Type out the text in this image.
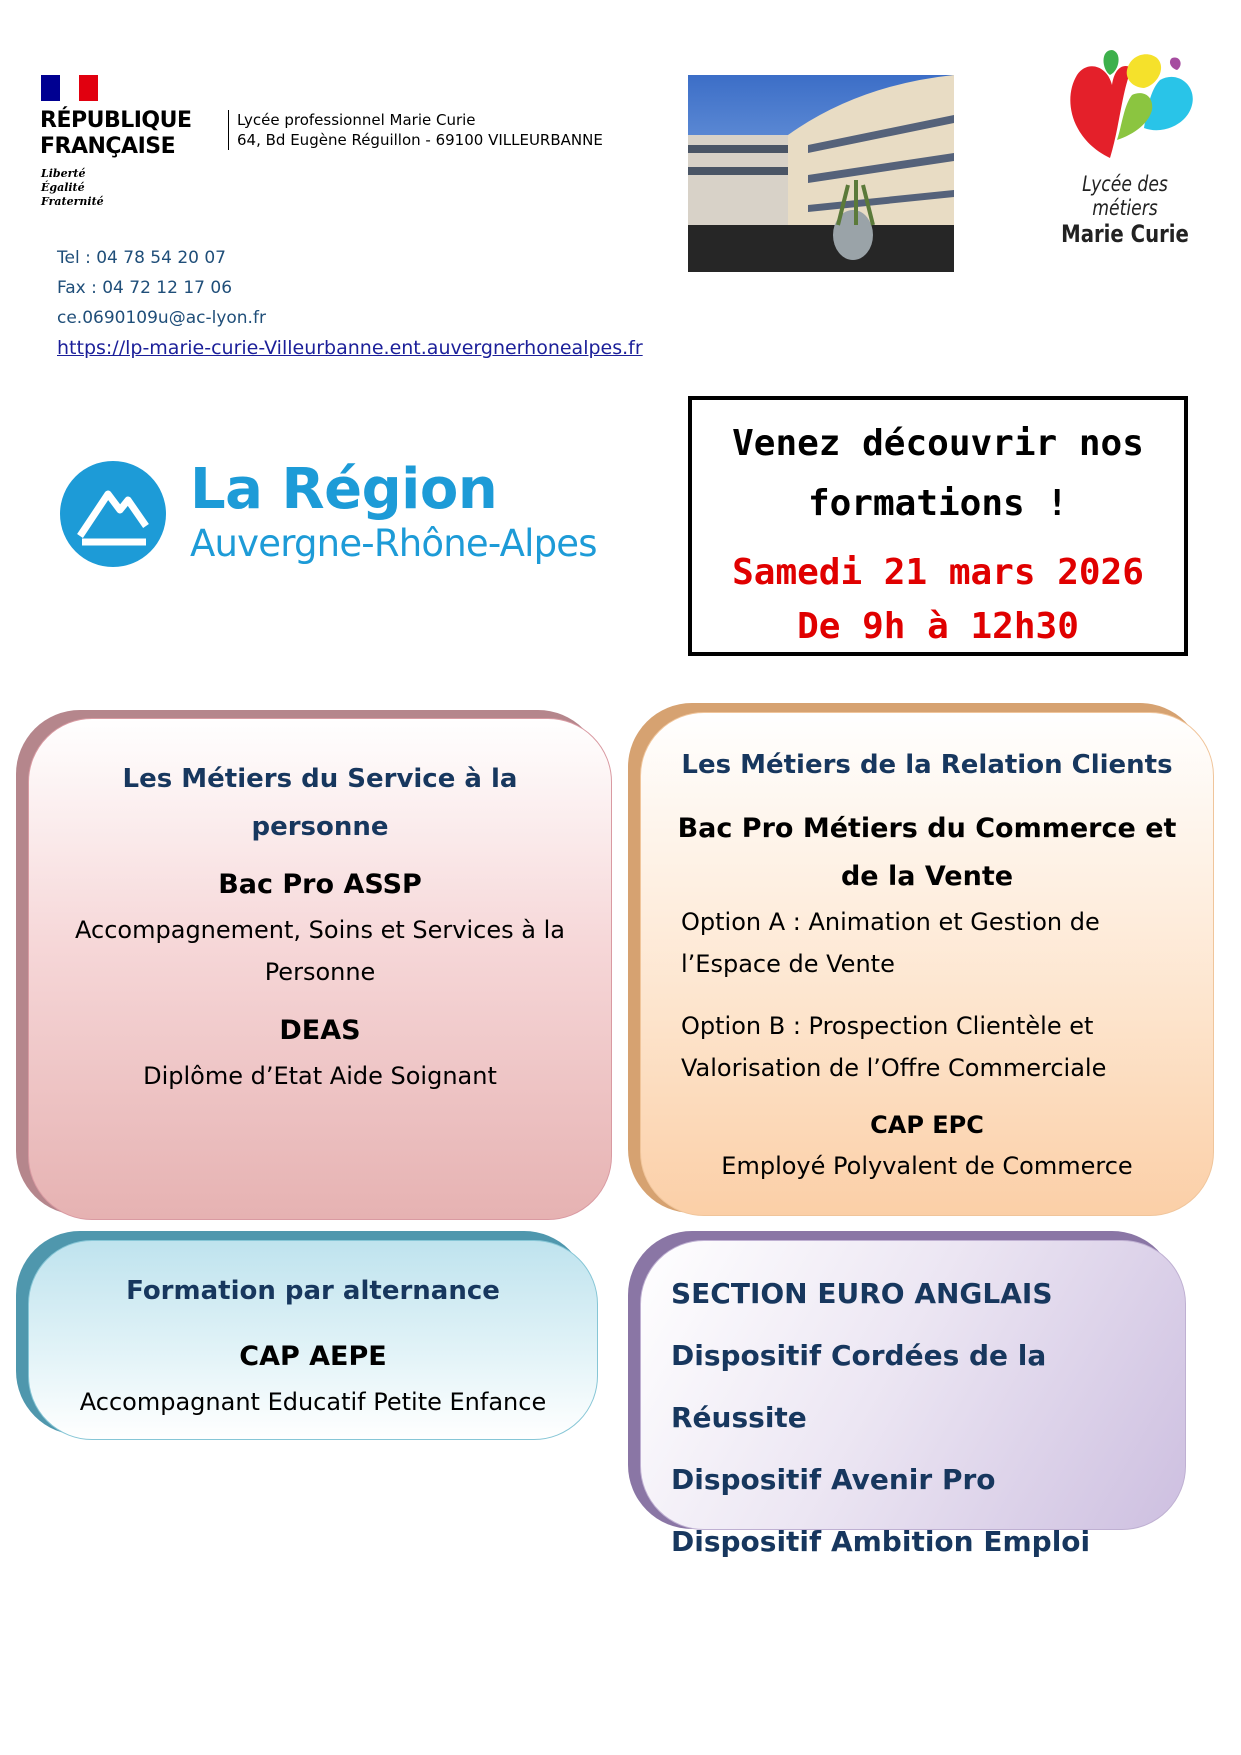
RÉPUBLIQUE
FRANÇAISE
Liberté
Égalité
Fraternité
Lycée professionnel Marie Curie
64, Bd Eugène Réguillon - 69100 VILLEURBANNE
Tel : 04 78 54 20 07
Fax : 04 72 12 17 06
ce.0690109u@ac-lyon.fr
https://lp-marie-curie-Villeurbanne.ent.auvergnerhonealpes.fr
Lycée des métiers
Marie Curie
La Région
Auvergne-Rhône-Alpes
Venez découvrir nos
formations !
Samedi 21 mars 2026
De 9h à 12h30
Les Métiers du Service à la
personne
Bac Pro ASSP
Accompagnement, Soins et Services à la
Personne
DEAS
Diplôme d’Etat Aide Soignant
Les Métiers de la Relation Clients
Bac Pro Métiers du Commerce et
de la Vente
Option A : Animation et Gestion de
l’Espace de Vente
Option B : Prospection Clientèle et
Valorisation de l’Offre Commerciale
CAP EPC
Employé Polyvalent de Commerce
Formation par alternance
CAP AEPE
Accompagnant Educatif Petite Enfance
SECTION EURO ANGLAIS
Dispositif Cordées de la Réussite
Dispositif Avenir Pro
Dispositif Ambition Emploi
